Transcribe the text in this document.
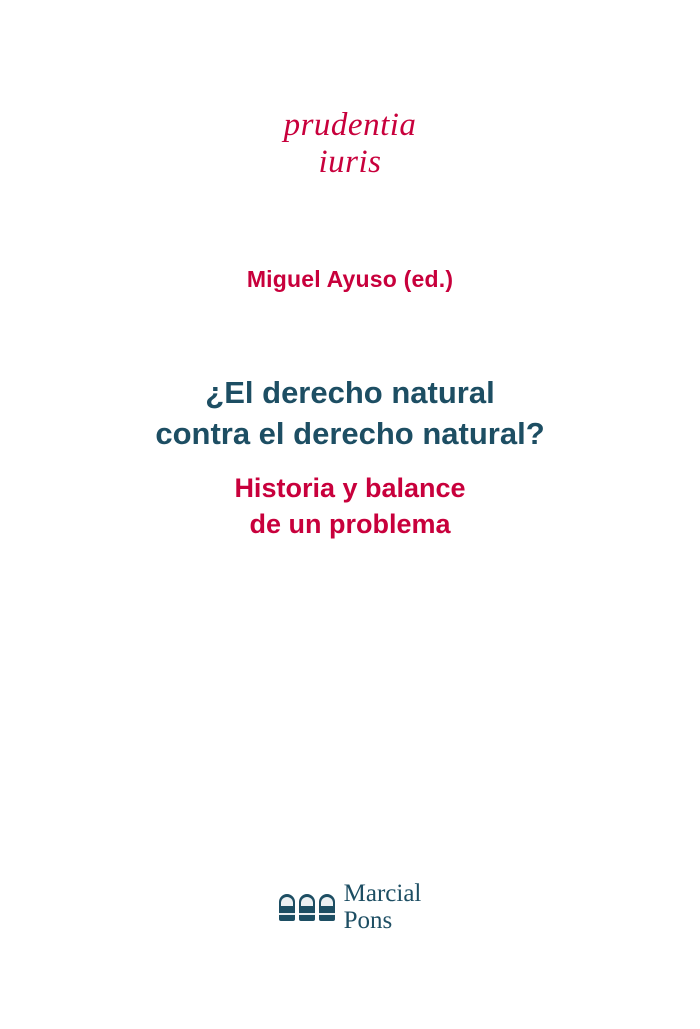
prudentia
iuris
Miguel Ayuso (ed.)
¿El derecho natural
contra el derecho natural?
Historia y balance
de un problema
Marcial
Pons
